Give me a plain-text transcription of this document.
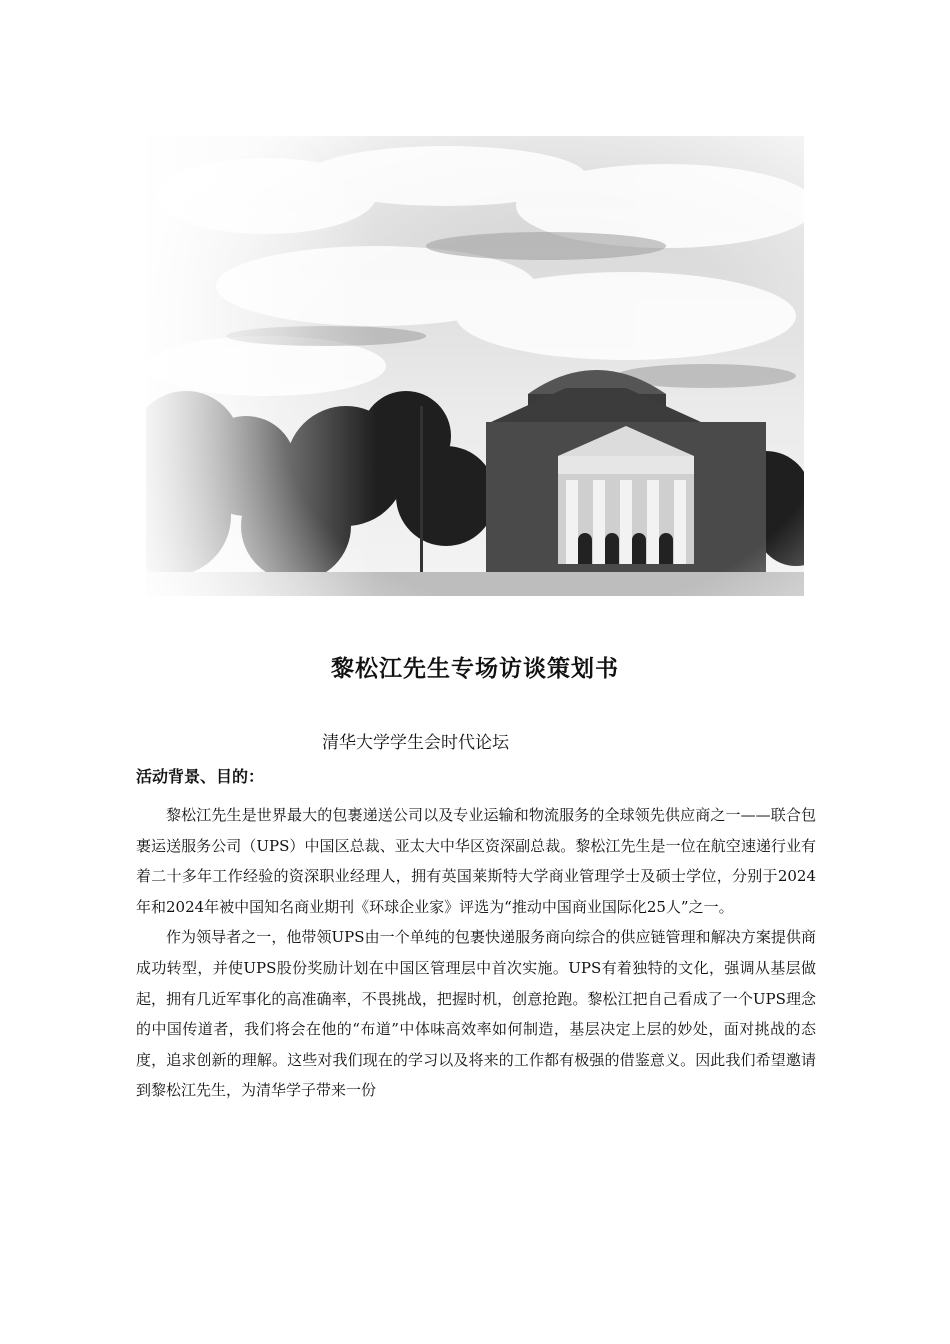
黎松江先生专场访谈策划书

清华大学学生会时代论坛

活动背景、目的：

黎松江先生是世界最大的包裹递送公司以及专业运输和物流服务的全球领先供应商之一——联合包裹运送服务公司（UPS）中国区总裁、亚太大中华区资深副总裁。黎松江先生是一位在航空速递行业有着二十多年工作经验的资深职业经理人，拥有英国莱斯特大学商业管理学士及硕士学位，分别于2024年和2024年被中国知名商业期刊《环球企业家》评选为“推动中国商业国际化25人”之一。

作为领导者之一，他带领UPS由一个单纯的包裹快递服务商向综合的供应链管理和解决方案提供商成功转型，并使UPS股份奖励计划在中国区管理层中首次实施。UPS有着独特的文化，强调从基层做起，拥有几近军事化的高准确率，不畏挑战，把握时机，创意抢跑。黎松江把自己看成了一个UPS理念的中国传道者，我们将会在他的“布道”中体味高效率如何制造，基层决定上层的妙处，面对挑战的态度，追求创新的理解。这些对我们现在的学习以及将来的工作都有极强的借鉴意义。因此我们希望邀请到黎松江先生，为清华学子带来一份
